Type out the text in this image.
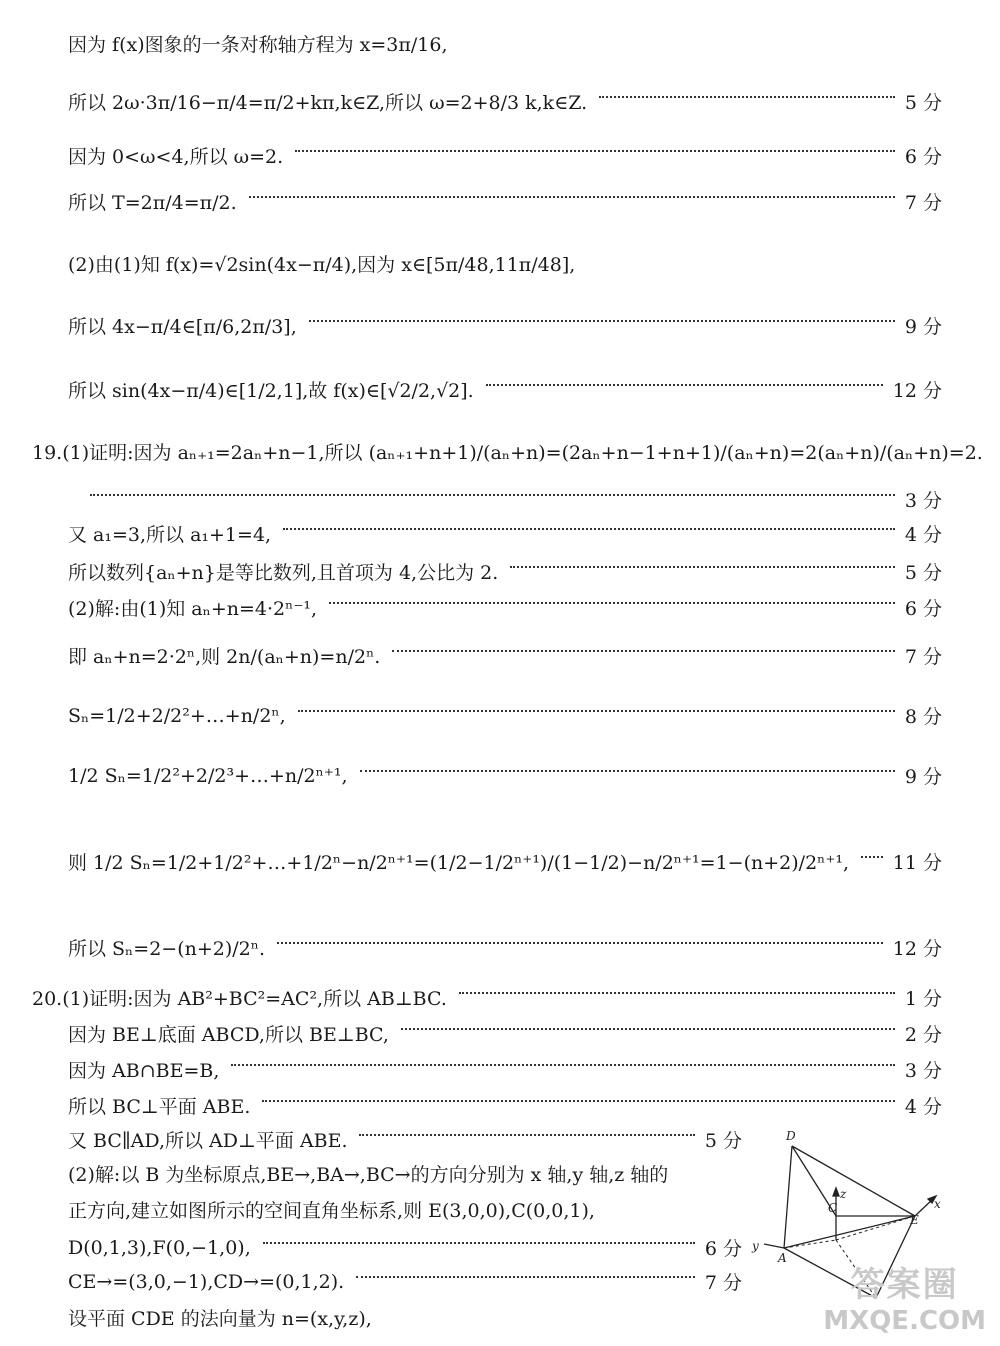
因为 f(x)图象的一条对称轴方程为 x=3π/16,
所以 2ω·3π/16−π/4=π/2+kπ,k∈Z,所以 ω=2+8/3 k,k∈Z.	5 分
因为 0<ω<4,所以 ω=2.	6 分
所以 T=2π/4=π/2.	7 分
(2)由(1)知 f(x)=√2sin(4x−π/4),因为 x∈[5π/48,11π/48],
所以 4x−π/4∈[π/6,2π/3],	9 分
所以 sin(4x−π/4)∈[1/2,1],故 f(x)∈[√2/2,√2].	12 分
19.(1)证明:因为 aₙ₊₁=2aₙ+n−1,所以 (aₙ₊₁+n+1)/(aₙ+n)=(2aₙ+n−1+n+1)/(aₙ+n)=2(aₙ+n)/(aₙ+n)=2.
3 分
又 a₁=3,所以 a₁+1=4,	4 分
所以数列{aₙ+n}是等比数列,且首项为 4,公比为 2.	5 分
(2)解:由(1)知 aₙ+n=4·2ⁿ⁻¹,	6 分
即 aₙ+n=2·2ⁿ,则 2n/(aₙ+n)=n/2ⁿ.	7 分
Sₙ=1/2+2/2²+…+n/2ⁿ,	8 分
1/2 Sₙ=1/2²+2/2³+…+n/2ⁿ⁺¹,	9 分
则 1/2 Sₙ=1/2+1/2²+…+1/2ⁿ−n/2ⁿ⁺¹=(1/2−1/2ⁿ⁺¹)/(1−1/2)−n/2ⁿ⁺¹=1−(n+2)/2ⁿ⁺¹, 11 分
所以 Sₙ=2−(n+2)/2ⁿ.	12 分
20.(1)证明:因为 AB²+BC²=AC²,所以 AB⊥BC.	1 分
因为 BE⊥底面 ABCD,所以 BE⊥BC,	2 分
因为 AB∩BE=B,	3 分
所以 BC⊥平面 ABE.	4 分
又 BC∥AD,所以 AD⊥平面 ABE.	5 分
(2)解:以 B 为坐标原点,BE→,BA→,BC→的方向分别为 x 轴,y 轴,z 轴的
正方向,建立如图所示的空间直角坐标系,则 E(3,0,0),C(0,0,1),
D(0,1,3),F(0,−1,0),	6 分
CE→=(3,0,−1),CD→=(0,1,2).	7 分
设平面 CDE 的法向量为 n=(x,y,z),
D
z
C
E
x
y
A
答案圈
MXQE.COM
